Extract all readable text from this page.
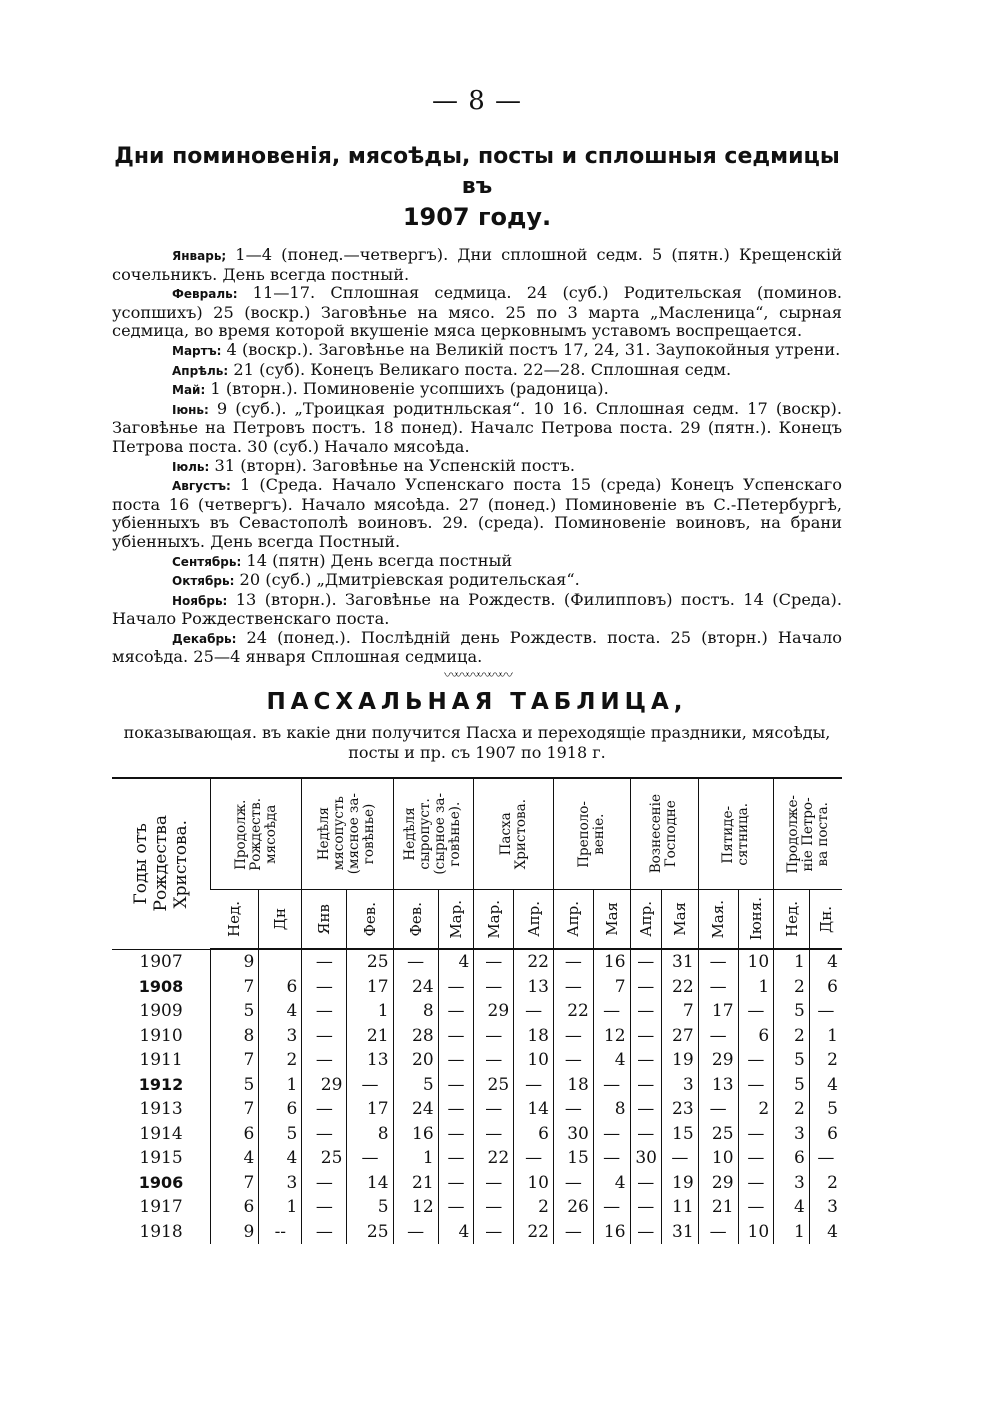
— 8 —
Дни поминовенія, мясоѣды, посты и сплошныя седмицы въ
1907 году.

Январь; 1—4 (понед.—четвергъ). Дни сплошной седм. 5 (пятн.) Крещенскій сочельникъ. День всегда постный.

Февраль: 11—17. Сплошная седмица. 24 (суб.) Родительская (поминов. усопшихъ) 25 (воскр.) Заговѣнье на мясо. 25 по 3 марта „Масленица“, сырная седмица, во время которой вкушеніе мяса церковнымъ уставомъ воспрещается.

Мартъ: 4 (воскр.). Заговѣнье на Великій постъ 17, 24, 31. Заупокойныя утрени.

Апрѣль: 21 (суб). Конецъ Великаго поста. 22—28. Сплошная седм.

Май: 1 (вторн.). Поминовеніе усопшихъ (радоница).

Іюнь: 9 (суб.). „Троицкая родитнльская“. 10 16. Сплошная седм. 17 (воскр). Заговѣнье на Петровъ постъ. 18 понед). Началс Петрова поста. 29 (пятн.). Конецъ Петрова поста. 30 (суб.) Начало мясоѣда.

Іюль: 31 (вторн). Заговѣнье на Успенскій постъ.

Августъ: 1 (Среда. Начало Успенскаго поста 15 (среда) Конецъ Успенскаго поста 16 (четвергъ). Начало мясоѣда. 27 (понед.) Поминовеніе въ С.-Петербургѣ, убіенныхъ въ Севастополѣ воиновъ. 29. (среда). Поминовеніе воиновъ, на брани убіенныхъ. День всегда Постный.

Сентябрь: 14 (пятн) День всегда постный

Октябрь: 20 (суб.) „Дмитріевская родительская“.

Ноябрь: 13 (вторн.). Заговѣнье на Рождеств. (Филипповъ) постъ. 14 (Среда). Начало Рождественскаго поста.

Декабрь: 24 (понед.). Послѣдній день Рождеств. поста. 25 (вторн.) Начало мясоѣда. 25—4 января Сплошная седмица.

〰〰〰〰〰〰
ПАСХАЛЬНАЯ ТАБЛИЦА,
показывающая. въ какіе дни получится Пасха и переходящіе праздники, мясоѣды, посты и пр. съ 1907 по 1918 г.
Годы отъ Рождества Христова.	Продолж.
Рождеств.
мясоѣда		Недѣля
мясопусть
(мясное за-
говѣнье)		Недѣля
сыропуст.
(сырное за-
говѣнье).		Пасха
Христова.		Преполо-
веніе.		Вознесеніе
Господне		Пятиде-
сятница.		Продолже-
ніе Петро-
ва поста.	

	Нед.	Дн	Янв	Фев.	Фев.	Мар.	Мар.	Апр.	Апр.	Мая	Апр.	Мая	Мая.	Іюня.	Нед.	Дн.

1907	9		—	25	—	4	—	22	—	16	—	31	—	10	1	4
1908	7	6	—	17	24	—	—	13	—	7	—	22	—	1	2	6
1909	5	4	—	1	8	—	29	—	22	—	—	7	17	—	5	—
1910	8	3	—	21	28	—	—	18	—	12	—	27	—	6	2	1
1911	7	2	—	13	20	—	—	10	—	4	—	19	29	—	5	2
1912	5	1	29	—	5	—	25	—	18	—	—	3	13	—	5	4
1913	7	6	—	17	24	—	—	14	—	8	—	23	—	2	2	5
1914	6	5	—	8	16	—	—	6	30	—	—	15	25	—	3	6
1915	4	4	25	—	1	—	22	—	15	—	30	—	10	—	6	—
1906	7	3	—	14	21	—	—	10	—	4	—	19	29	—	3	2
1917	6	1	—	5	12	—	—	2	26	—	—	11	21	—	4	3
1918	9	--	—	25	—	4	—	22	—	16	—	31	—	10	1	4
